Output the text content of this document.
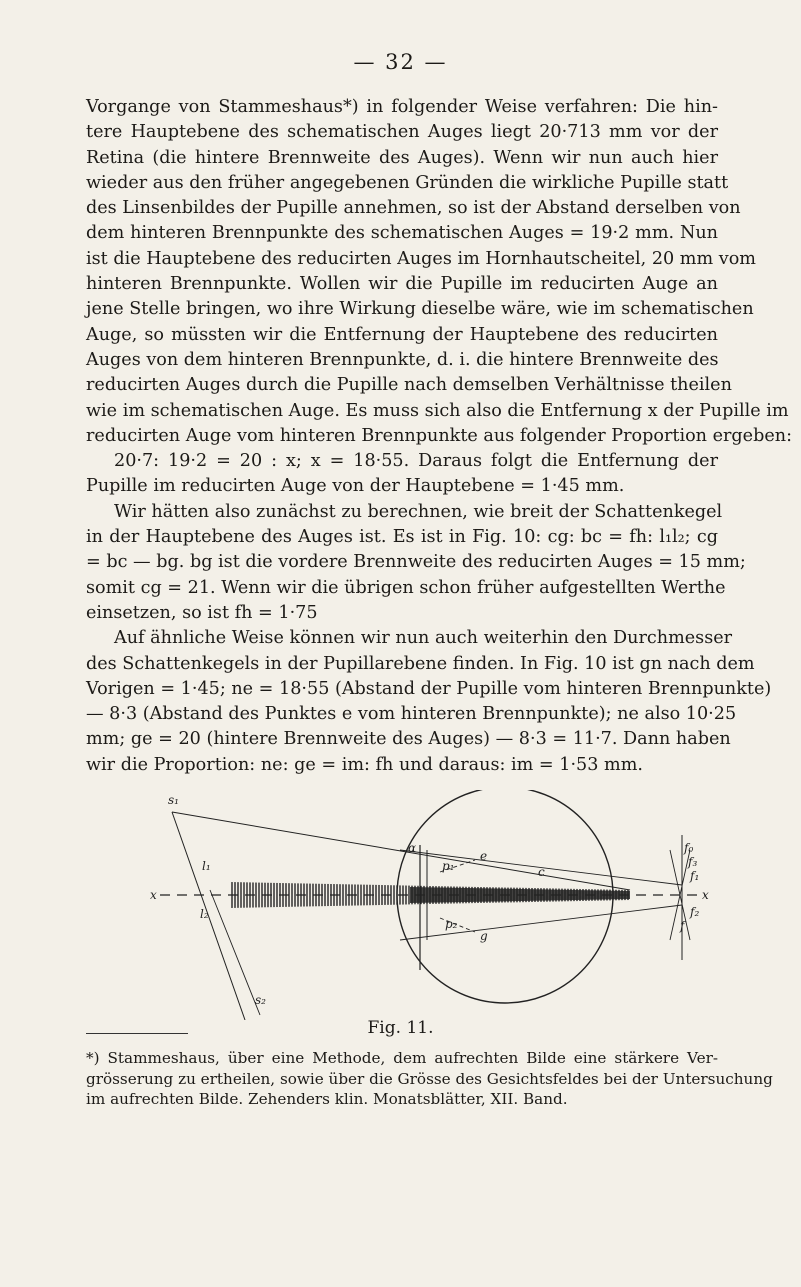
— 32 —
Vorgange von Stammeshaus*) in folgender Weise verfahren: Die hin-
tere Hauptebene des schematischen Auges liegt 20·713 mm vor der
Retina (die hintere Brennweite des Auges). Wenn wir nun auch hier
wieder aus den früher angegebenen Gründen die wirkliche Pupille statt
des Linsenbildes der Pupille annehmen, so ist der Abstand derselben von
dem hinteren Brennpunkte des schematischen Auges = 19·2 mm. Nun
ist die Hauptebene des reducirten Auges im Hornhautscheitel, 20 mm vom
hinteren Brennpunkte. Wollen wir die Pupille im reducirten Auge an
jene Stelle bringen, wo ihre Wirkung dieselbe wäre, wie im schematischen
Auge, so müssten wir die Entfernung der Hauptebene des reducirten
Auges von dem hinteren Brennpunkte, d. i. die hintere Brennweite des
reducirten Auges durch die Pupille nach demselben Verhältnisse theilen
wie im schematischen Auge. Es muss sich also die Entfernung x der Pupille im
reducirten Auge vom hinteren Brennpunkte aus folgender Proportion ergeben:
20·7: 19·2 = 20 : x; x = 18·55. Daraus folgt die Entfernung der
Pupille im reducirten Auge von der Hauptebene = 1·45 mm.
Wir hätten also zunächst zu berechnen, wie breit der Schattenkegel
in der Hauptebene des Auges ist. Es ist in Fig. 10: cg: bc = fh: l₁l₂; cg
= bc — bg. bg ist die vordere Brennweite des reducirten Auges = 15 mm;
somit cg = 21. Wenn wir die übrigen schon früher aufgestellten Werthe
einsetzen, so ist fh = 1·75
Auf ähnliche Weise können wir nun auch weiterhin den Durchmesser
des Schattenkegels in der Pupillarebene finden. In Fig. 10 ist gn nach dem
Vorigen = 1·45; ne = 18·55 (Abstand der Pupille vom hinteren Brennpunkte)
— 8·3 (Abstand des Punktes e vom hinteren Brennpunkte); ne also 10·25
mm; ge = 20 (hintere Brennweite des Auges) — 8·3 = 11·7. Dann haben
wir die Proportion: ne: ge = im: fh und daraus: im = 1·53 mm.
s₁
s₂
l₁
l₂
x	x
α
p₁
e
c
p₂
g
f₀
f₃
f₁
f₂
f
Fig. 11.
*) Stammeshaus, über eine Methode, dem aufrechten Bilde eine stärkere Ver-
grösserung zu ertheilen, sowie über die Grösse des Gesichtsfeldes bei der Untersuchung
im aufrechten Bilde. Zehenders klin. Monatsblätter, XII. Band.
